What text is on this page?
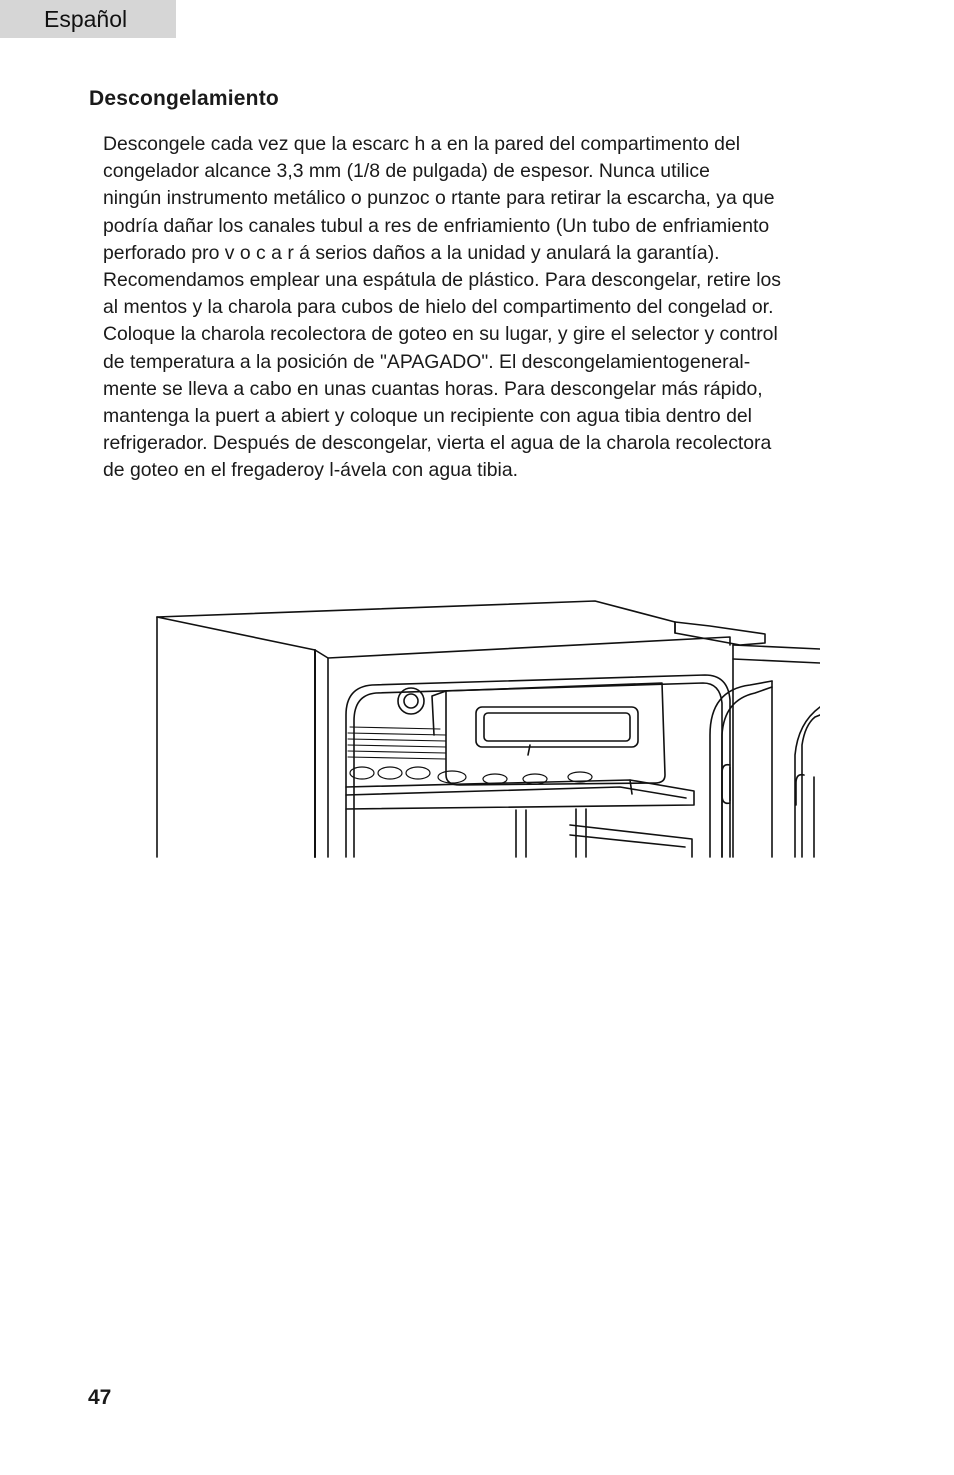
Español
Descongelamiento

Descongele cada vez que la escarc h a en la pared del compartimento del
congelador alcance 3,3 mm (1/8 de pulgada) de espesor. Nunca utilice
ningún instrumento metálico o punzoc o rtante para retirar la escarcha, ya que
podría dañar los canales tubul a res de enfriamiento (Un tubo de enfriamiento
perforado pro v o c a r á serios daños a la unidad y anulará la garantía).
Recomendamos emplear una espátula de plástico. Para descongelar, retire los
al mentos y la charola para cubos de hielo del compartimento del congelad or.
Coloque la charola recolectora de goteo en su lugar, y gire el selector y control
de temperatura a la posición de "APAGADO". El descongelamientogeneral-
mente se lleva a cabo en unas cuantas horas. Para descongelar más rápido,
mantenga la puert a abiert y coloque un recipiente con agua tibia dentro del
refrigerador. Después de descongelar, vierta el agua de la charola recolectora
de goteo en el fregaderoy l-ávela con agua tibia.

47
